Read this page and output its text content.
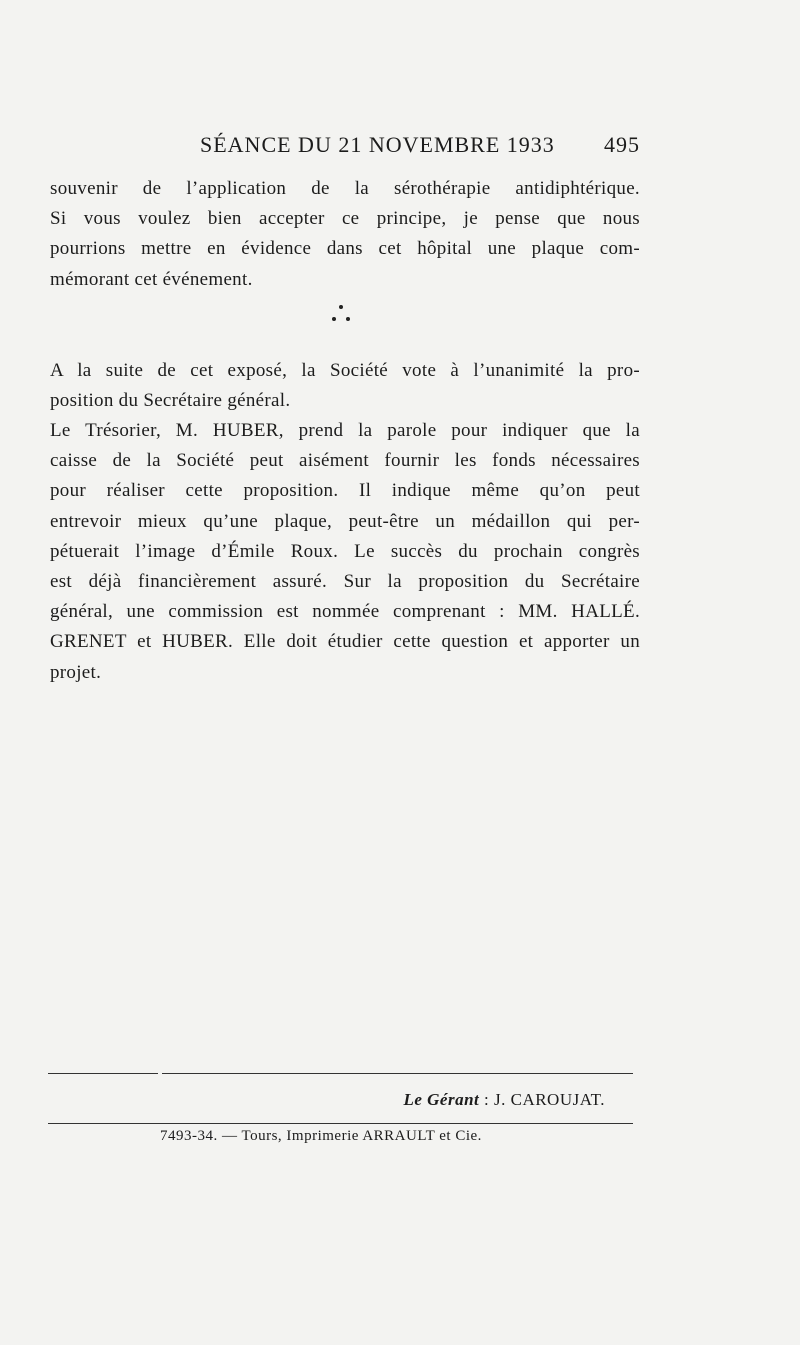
SÉANCE DU 21 NOVEMBRE 1933 495
souvenir de l’application de la sérothérapie antidiphtérique.
Si vous voulez bien accepter ce principe, je pense que nous
pourrions mettre en évidence dans cet hôpital une plaque com-
mémorant cet événement.
A la suite de cet exposé, la Société vote à l’unanimité la pro-
position du Secrétaire général.
Le Trésorier, M. HUBER, prend la parole pour indiquer que la
caisse de la Société peut aisément fournir les fonds nécessaires
pour réaliser cette proposition. Il indique même qu’on peut
entrevoir mieux qu’une plaque, peut-être un médaillon qui per-
pétuerait l’image d’Émile Roux. Le succès du prochain congrès
est déjà financièrement assuré. Sur la proposition du Secrétaire
général, une commission est nommée comprenant : MM. HALLÉ.
GRENET et HUBER. Elle doit étudier cette question et apporter un
projet.
Le Gérant : J. CAROUJAT.
7493-34. — Tours, Imprimerie ARRAULT et Cie.
